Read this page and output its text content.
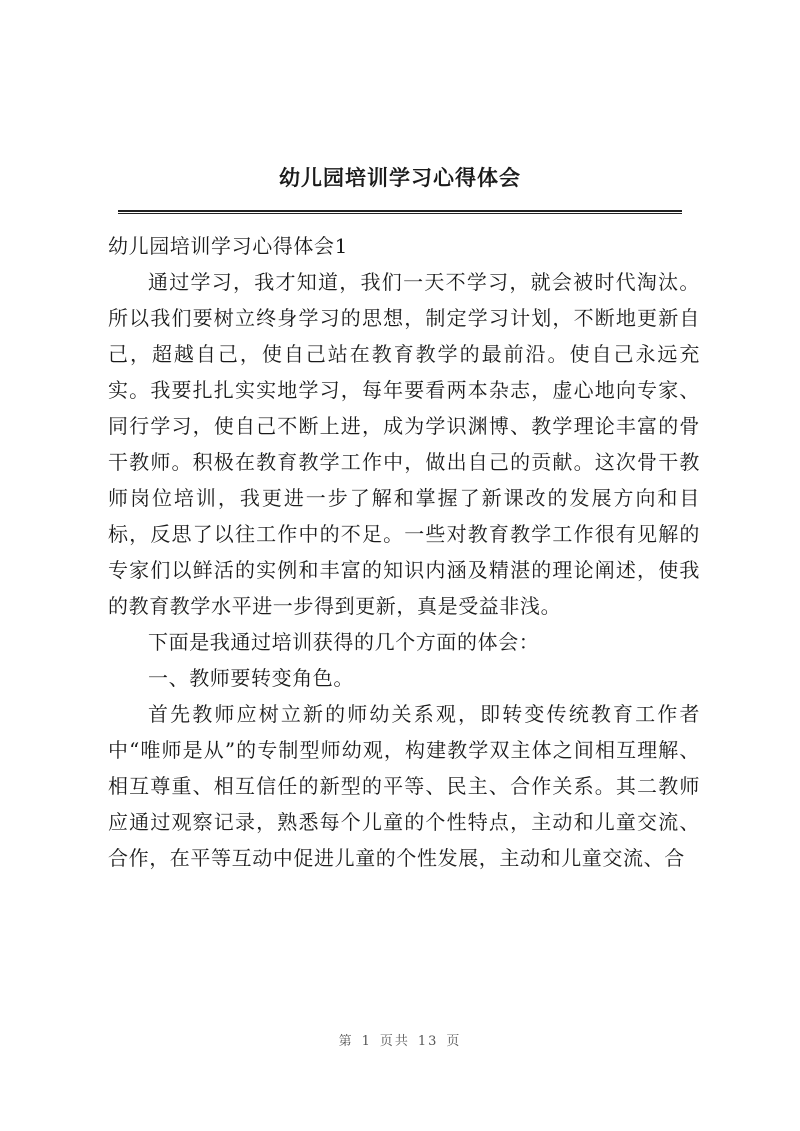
幼儿园培训学习心得体会

幼儿园培训学习心得体会1

通过学习，我才知道，我们一天不学习，就会被时代淘汰。所以我们要树立终身学习的思想，制定学习计划，不断地更新自己，超越自己，使自己站在教育教学的最前沿。使自己永远充实。我要扎扎实实地学习，每年要看两本杂志，虚心地向专家、同行学习，使自己不断上进，成为学识渊博、教学理论丰富的骨干教师。积极在教育教学工作中，做出自己的贡献。这次骨干教师岗位培训，我更进一步了解和掌握了新课改的发展方向和目标，反思了以往工作中的不足。一些对教育教学工作很有见解的专家们以鲜活的实例和丰富的知识内涵及精湛的理论阐述，使我的教育教学水平进一步得到更新，真是受益非浅。

下面是我通过培训获得的几个方面的体会：

一、教师要转变角色。

首先教师应树立新的师幼关系观，即转变传统教育工作者中“唯师是从”的专制型师幼观，构建教学双主体之间相互理解、相互尊重、相互信任的新型的平等、民主、合作关系。其二教师应通过观察记录，熟悉每个儿童的个性特点，主动和儿童交流、合作，在平等互动中促进儿童的个性发展，主动和儿童交流、合

第 1 页共 13 页
